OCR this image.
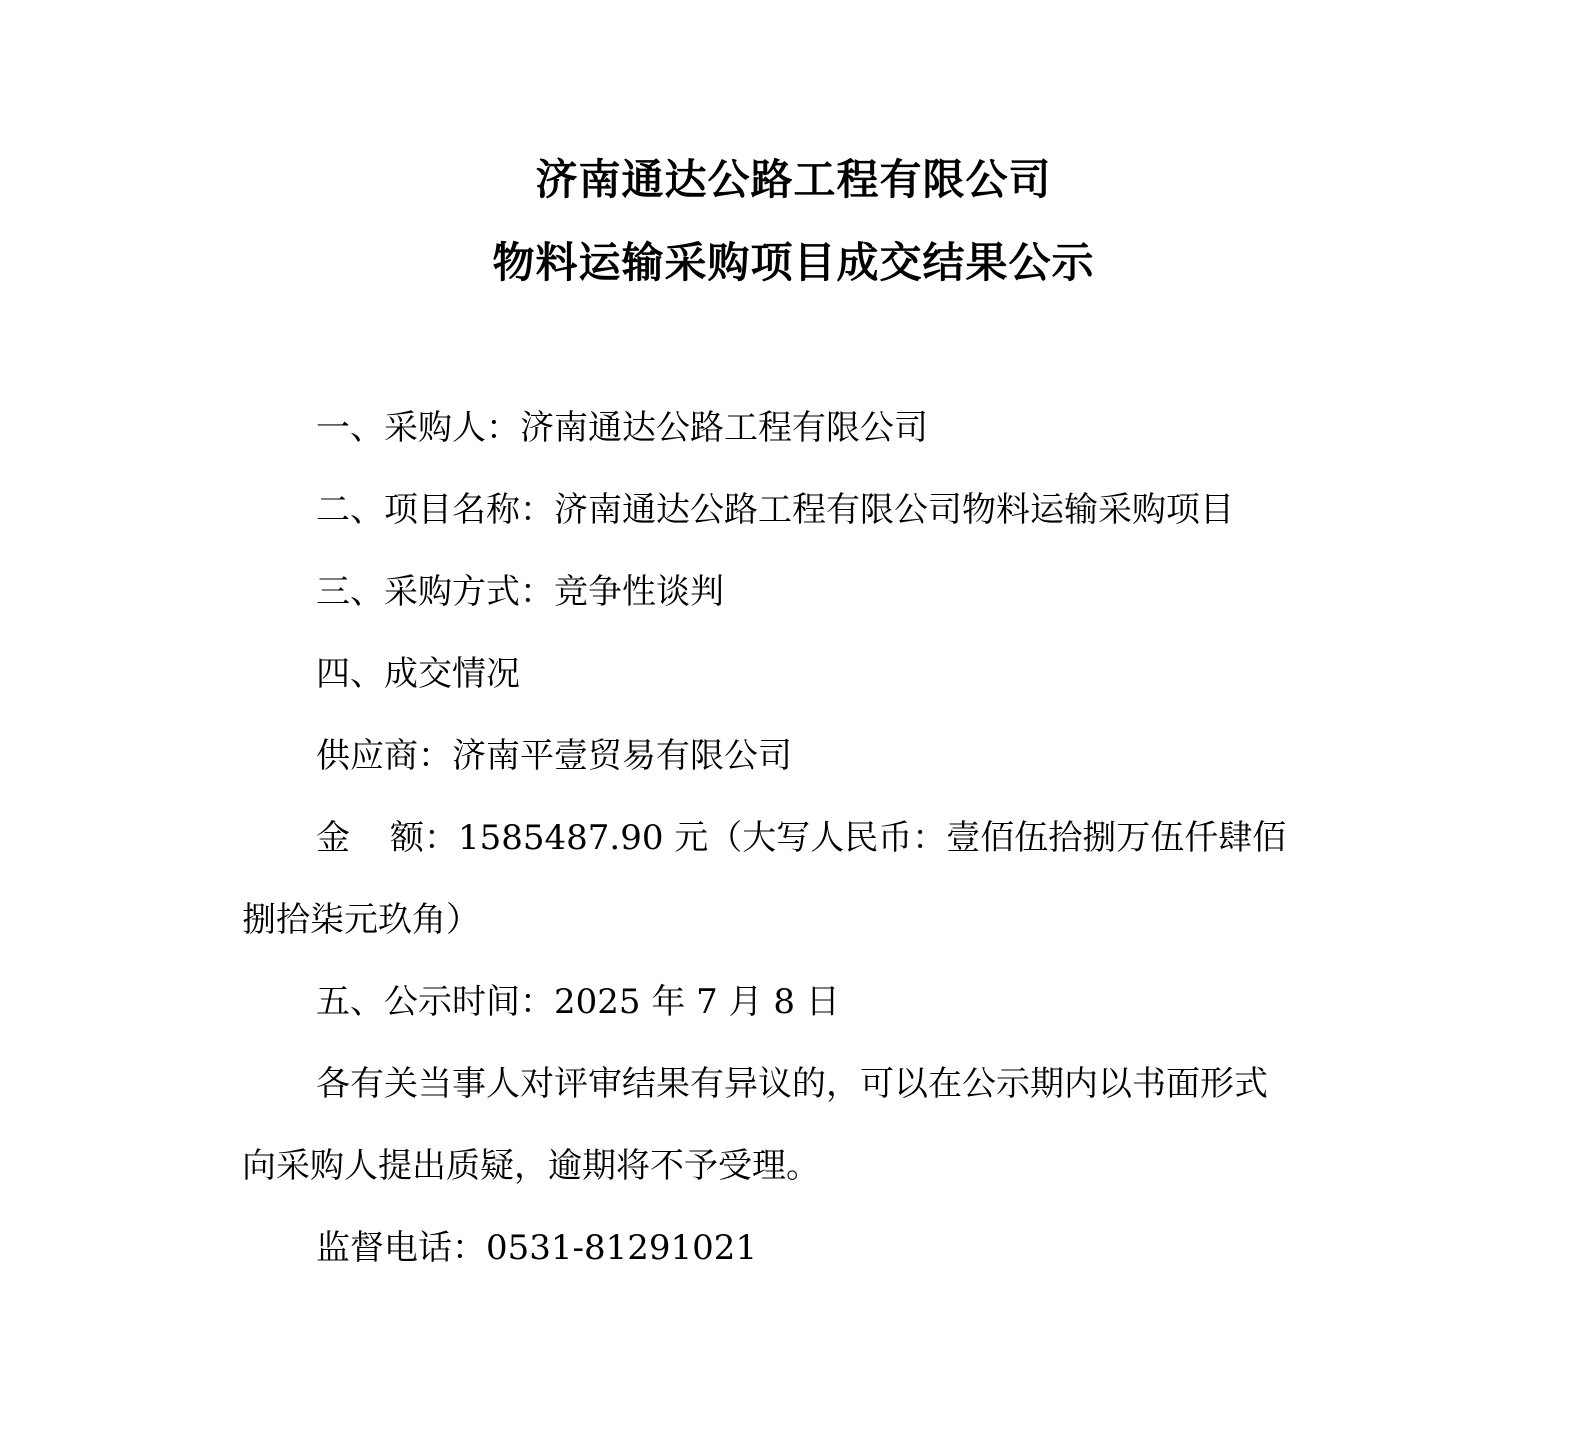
济南通达公路工程有限公司
物料运输采购项目成交结果公示
一、采购人：济南通达公路工程有限公司
二、项目名称：济南通达公路工程有限公司物料运输采购项目
三、采购方式：竞争性谈判
四、成交情况
供应商：济南平壹贸易有限公司
金 额：1585487.90 元（大写人民币：壹佰伍拾捌万伍仟肆佰
捌拾柒元玖角）
五、公示时间：2025 年 7 月 8 日
各有关当事人对评审结果有异议的，可以在公示期内以书面形式
向采购人提出质疑，逾期将不予受理。
监督电话：0531-81291021
